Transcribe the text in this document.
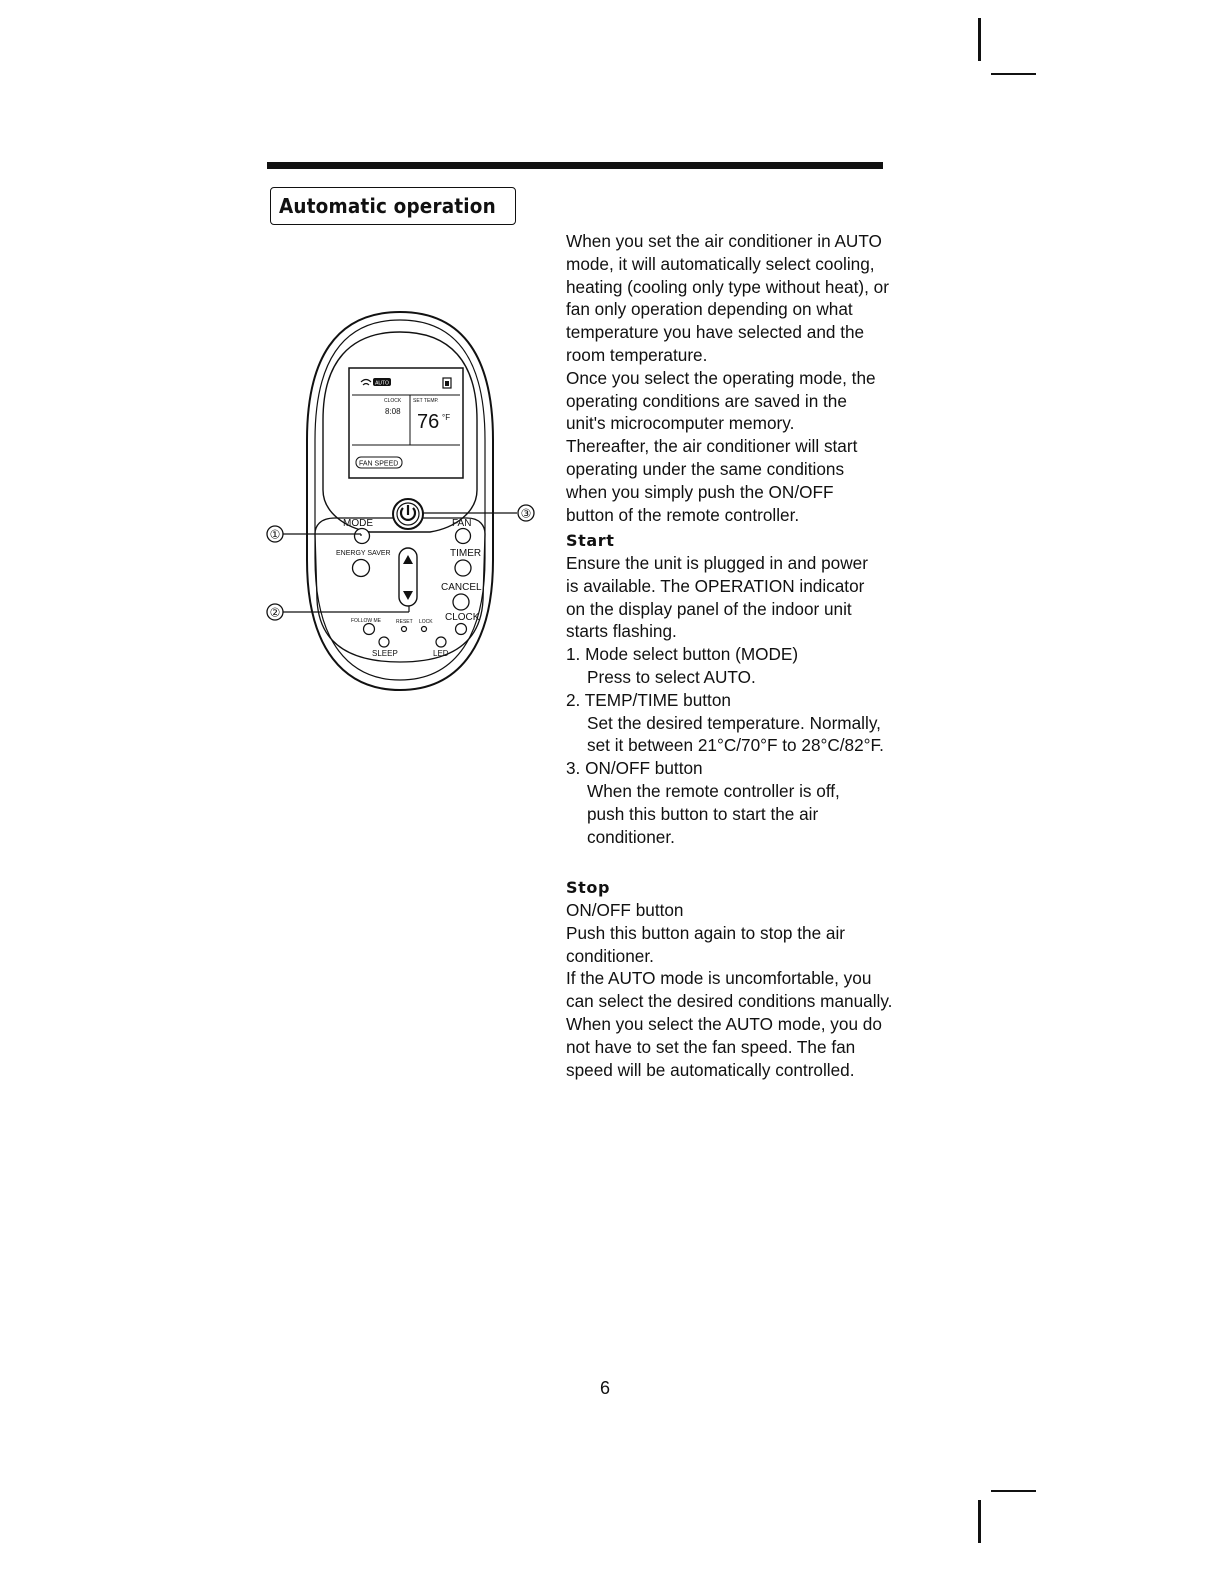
Automatic operation
AUTO
CLOCK
8:08
SET TEMP.
76 °F
FAN SPEED
MODE	FAN
ENERGY SAVER	TIMER
CANCEL
CLOCK
FOLLOW ME	RESET LOCK
SLEEP	LED
①
②
③

When you set the air conditioner in AUTO

mode, it will automatically select cooling,

heating (cooling only type without heat), or

fan only operation depending on what

temperature you have selected and the

room temperature.

Once you select the operating mode, the

operating conditions are saved in the

unit's microcomputer memory.

Thereafter, the air conditioner will start

operating under the same conditions

when you simply push the ON/OFF

button of the remote controller.

Start

Ensure the unit is plugged in and power

is available. The OPERATION indicator

on the display panel of the indoor unit

starts flashing.

1. Mode select button (MODE)

Press to select AUTO.

2. TEMP/TIME button

Set the desired temperature. Normally,

set it between 21°C/70°F to 28°C/82°F.

3. ON/OFF button

When the remote controller is off,

push this button to start the air

conditioner.

Stop

ON/OFF button

Push this button again to stop the air

conditioner.

If the AUTO mode is uncomfortable, you

can select the desired conditions manually.

When you select the AUTO mode, you do

not have to set the fan speed. The fan

speed will be automatically controlled.

6
